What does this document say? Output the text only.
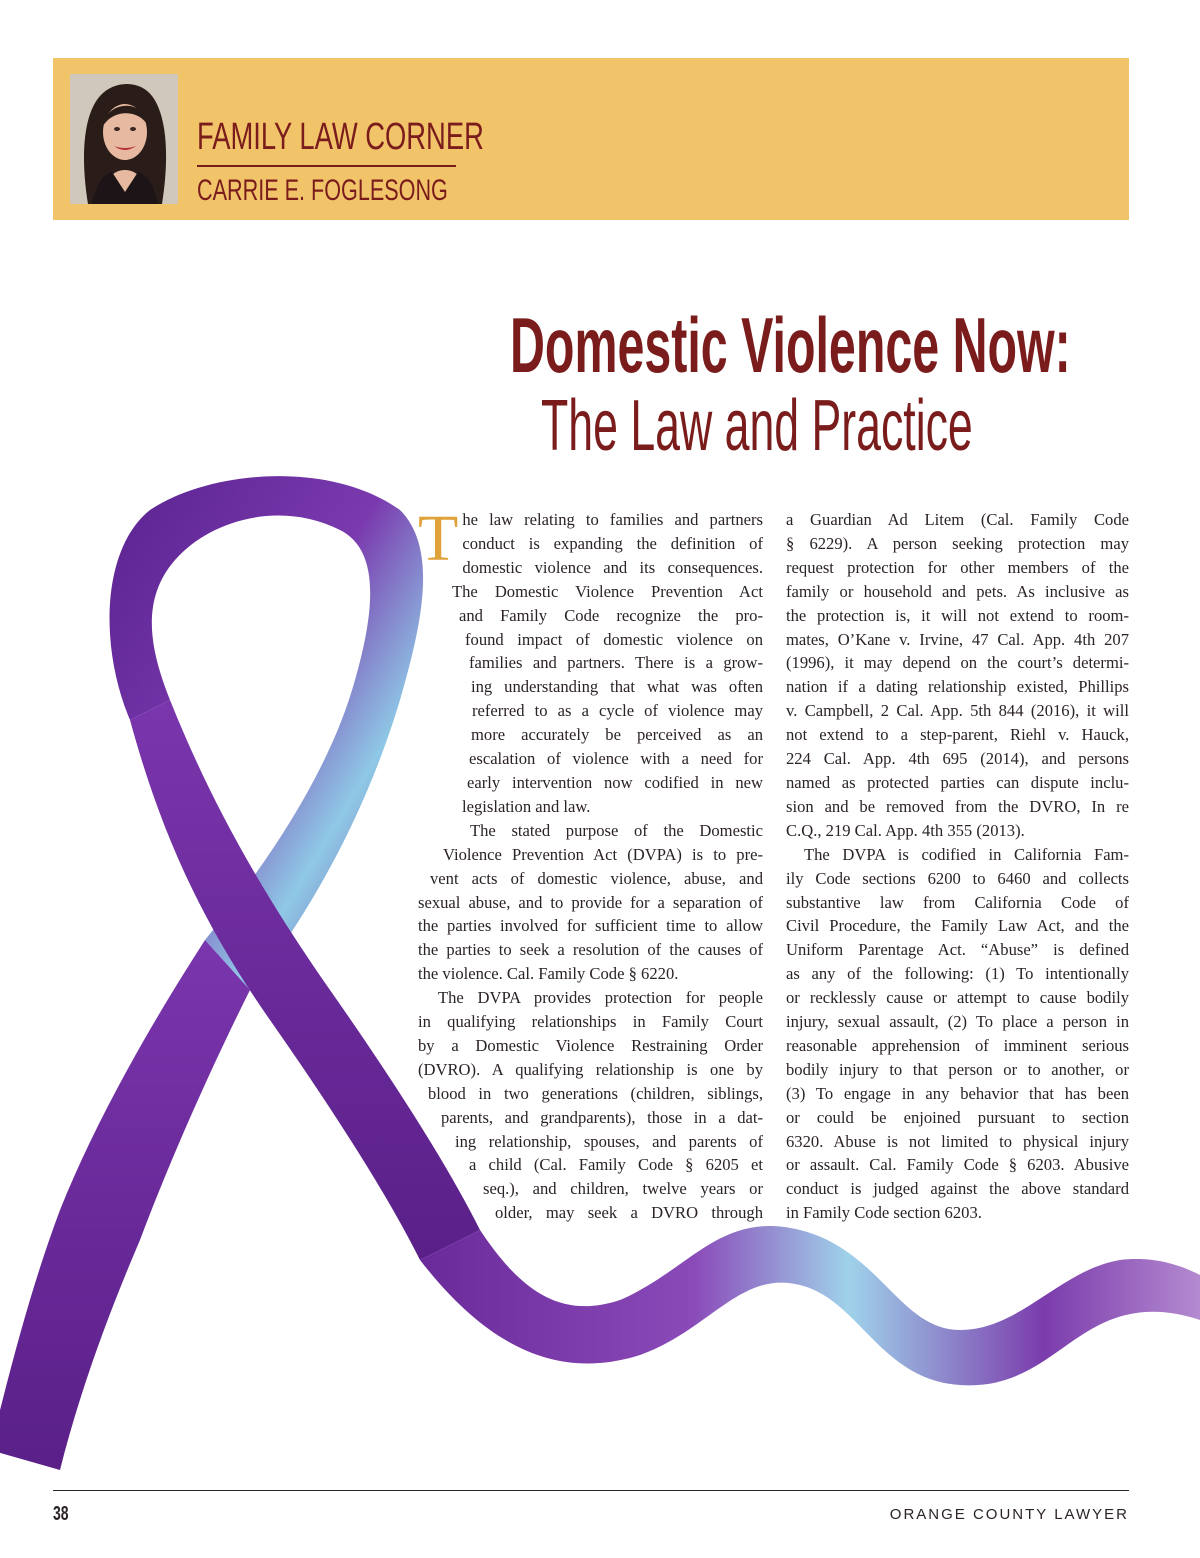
FAMILY LAW CORNER
CARRIE E. FOGLESONG
Domestic Violence Now:
The Law and Practice

T he law relating to families and partners
conduct is expanding the definition of
domestic violence and its consequences.

The Domestic Violence Prevention Act
and Family Code recognize the pro-
found impact of domestic violence on
families and partners. There is a grow-
ing understanding that what was often
referred to as a cycle of violence may
more accurately be perceived as an
escalation of violence with a need for
early intervention now codified in new
legislation and law.

The stated purpose of the Domestic
Violence Prevention Act (DVPA) is to pre-
vent acts of domestic violence, abuse, and
sexual abuse, and to provide for a separation of
the parties involved for sufficient time to allow
the parties to seek a resolution of the causes of
the violence. Cal. Family Code § 6220.

The DVPA provides protection for people
in qualifying relationships in Family Court
by a Domestic Violence Restraining Order
(DVRO). A qualifying relationship is one by
blood in two generations (children, siblings,
parents, and grandparents), those in a dat-
ing relationship, spouses, and parents of
a child (Cal. Family Code § 6205 et
seq.), and children, twelve years or
older, may seek a DVRO through

a Guardian Ad Litem (Cal. Family Code
§ 6229). A person seeking protection may
request protection for other members of the
family or household and pets. As inclusive as
the protection is, it will not extend to room-
mates, O’Kane v. Irvine, 47 Cal. App. 4th 207
(1996), it may depend on the court’s determi-
nation if a dating relationship existed, Phillips
v. Campbell, 2 Cal. App. 5th 844 (2016), it will
not extend to a step-parent, Riehl v. Hauck,
224 Cal. App. 4th 695 (2014), and persons
named as protected parties can dispute inclu-
sion and be removed from the DVRO, In re
C.Q., 219 Cal. App. 4th 355 (2013).

The DVPA is codified in California Fam-
ily Code sections 6200 to 6460 and collects
substantive law from California Code of
Civil Procedure, the Family Law Act, and the
Uniform Parentage Act. “Abuse” is defined
as any of the following: (1) To intentionally
or recklessly cause or attempt to cause bodily
injury, sexual assault, (2) To place a person in
reasonable apprehension of imminent serious
bodily injury to that person or to another, or
(3) To engage in any behavior that has been
or could be enjoined pursuant to section
6320. Abuse is not limited to physical injury
or assault. Cal. Family Code § 6203. Abusive
conduct is judged against the above standard
in Family Code section 6203.

38	ORANGE COUNTY LAWYER
